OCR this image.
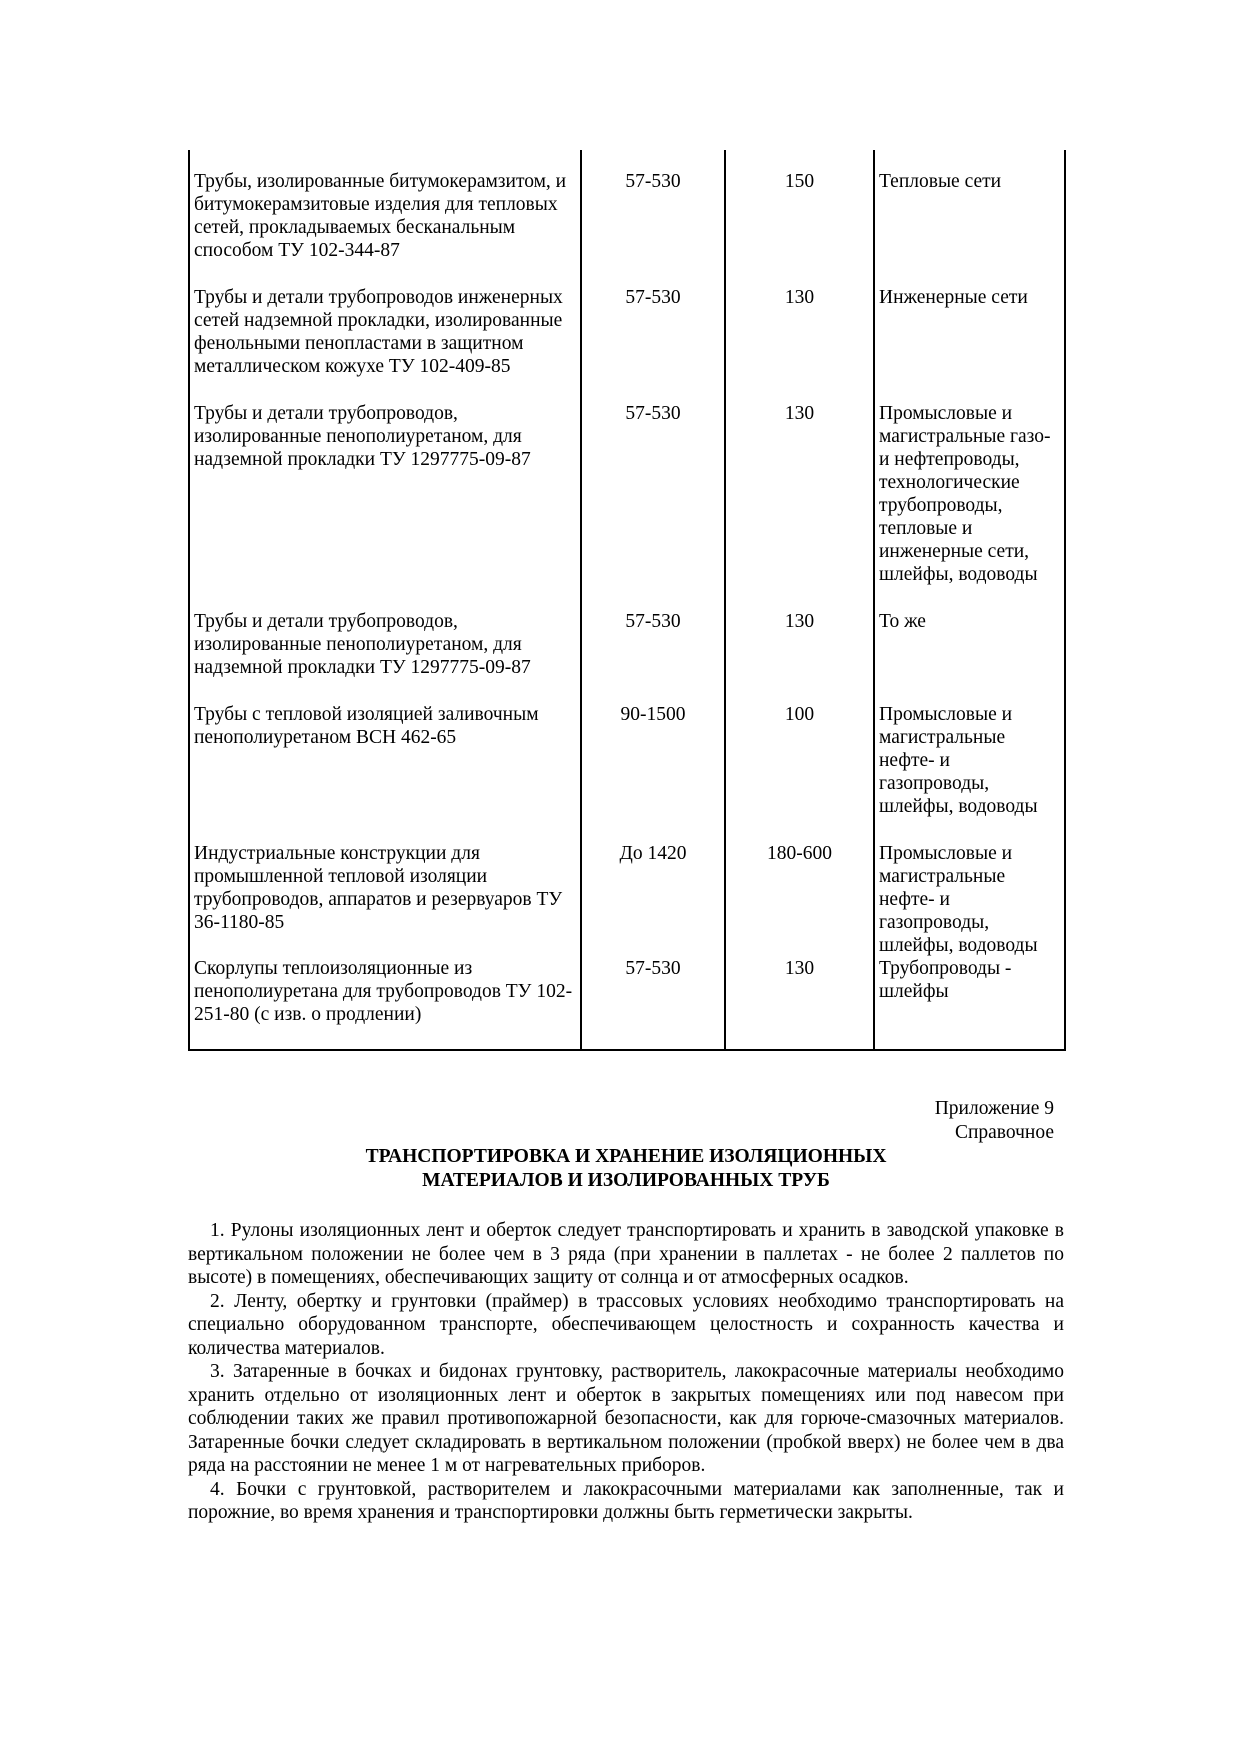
Трубы, изолированные битумокерамзитом, и битумокерамзитовые изделия для тепловых сетей, прокладываемых бесканальным способом ТУ 102-344-87	57-530	150	Тепловые сети

Трубы и детали трубопроводов инженерных сетей надземной прокладки, изолированные фенольными пенопластами в защитном металлическом кожухе ТУ 102-409-85	57-530	130	Инженерные сети

Трубы и детали трубопроводов, изолированные пенополиуретаном, для надземной прокладки ТУ 1297775-09-87	57-530	130	Промысловые и магистральные газо- и нефтепроводы, технологические трубопроводы, тепловые и инженерные сети, шлейфы, водоводы

Трубы и детали трубопроводов, изолированные пенополиуретаном, для надземной прокладки ТУ 1297775-09-87	57-530	130	То же

Трубы с тепловой изоляцией заливочным пенополиуретаном ВСН 462-65	90-1500	100	Промысловые и магистральные нефте- и газопроводы, шлейфы, водоводы

Индустриальные конструкции для промышленной тепловой изоляции трубопроводов, аппаратов и резервуаров ТУ 36-1180-85	До 1420	180-600	Промысловые и магистральные нефте- и газопроводы, шлейфы, водоводы

Скорлупы теплоизоляционные из пенополиуретана для трубопроводов ТУ 102-251-80 (с изв. о продлении)	57-530	130	Трубопроводы - шлейфы
Приложение 9
Справочное
ТРАНСПОРТИРОВКА И ХРАНЕНИЕ ИЗОЛЯЦИОННЫХ
МАТЕРИАЛОВ И ИЗОЛИРОВАННЫХ ТРУБ

1. Рулоны изоляционных лент и оберток следует транспортировать и хранить в заводской упаковке в вертикальном положении не более чем в 3 ряда (при хранении в паллетах - не более 2 паллетов по высоте) в помещениях, обеспечивающих защиту от солнца и от атмосферных осадков.

2. Ленту, обертку и грунтовки (праймер) в трассовых условиях необходимо транспортировать на специально оборудованном транспорте, обеспечивающем целостность и сохранность качества и количества материалов.

3. Затаренные в бочках и бидонах грунтовку, растворитель, лакокрасочные материалы необходимо хранить отдельно от изоляционных лент и оберток в закрытых помещениях или под навесом при соблюдении таких же правил противопожарной безопасности, как для горюче-смазочных материалов. Затаренные бочки следует складировать в вертикальном положении (пробкой вверх) не более чем в два ряда на расстоянии не менее 1 м от нагревательных приборов.

4. Бочки с грунтовкой, растворителем и лакокрасочными материалами как заполненные, так и порожние, во время хранения и транспортировки должны быть герметически закрыты.
